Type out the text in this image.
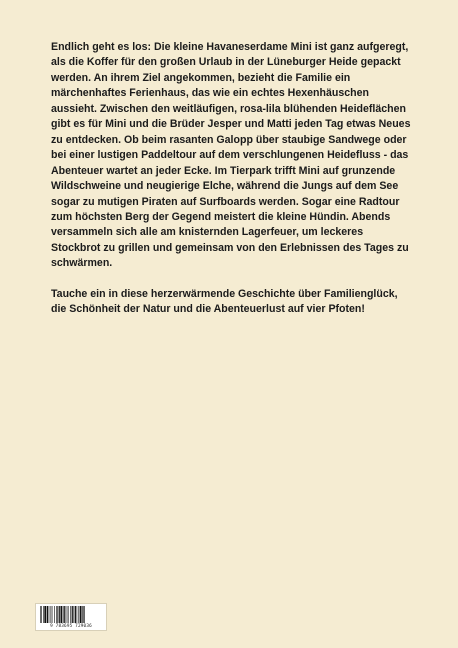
Endlich geht es los: Die kleine Havaneserdame Mini ist ganz aufgeregt, als die Koffer für den großen Urlaub in der Lüneburger Heide gepackt werden. An ihrem Ziel angekommen, bezieht die Familie ein märchenhaftes Ferienhaus, das wie ein echtes Hexenhäuschen aussieht. Zwischen den weitläufigen, rosa-lila blühenden Heideflächen gibt es für Mini und die Brüder Jesper und Matti jeden Tag etwas Neues zu entdecken. Ob beim rasanten Galopp über staubige Sandwege oder bei einer lustigen Paddeltour auf dem verschlungenen Heidefluss - das Abenteuer wartet an jeder Ecke. Im Tierpark trifft Mini auf grunzende Wildschweine und neugierige Elche, während die Jungs auf dem See sogar zu mutigen Piraten auf Surfboards werden. Sogar eine Radtour zum höchsten Berg der Gegend meistert die kleine Hündin. Abends versammeln sich alle am knisternden Lagerfeuer, um leckeres Stockbrot zu grillen und gemeinsam von den Erlebnissen des Tages zu schwärmen.

Tauche ein in diese herzerwärmende Geschichte über Familienglück, die Schönheit der Natur und die Abenteuerlust auf vier Pfoten!

9 783695 729036
